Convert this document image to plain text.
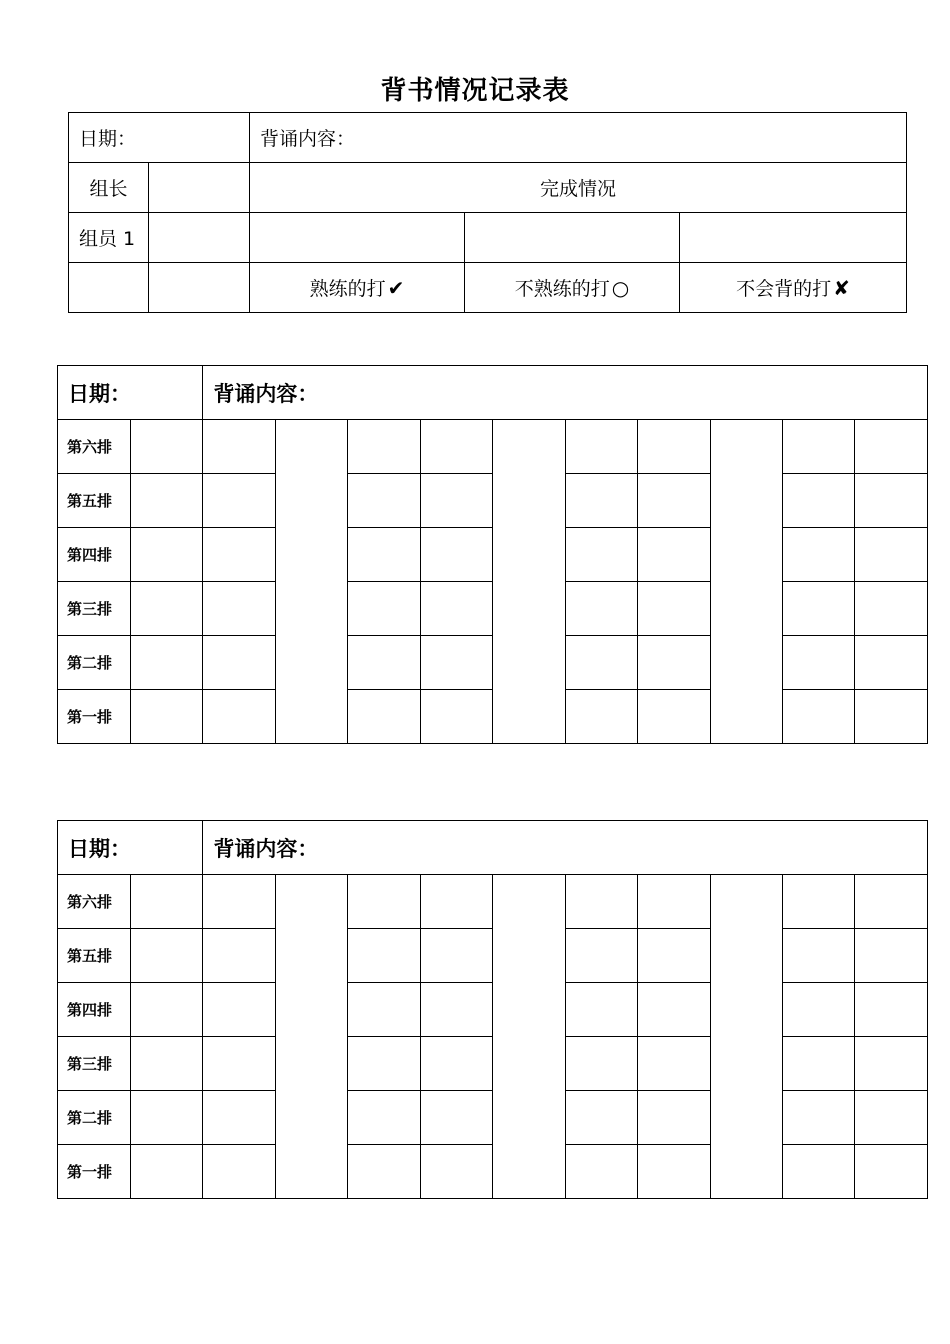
背书情况记录表
日期：		背诵内容：		
组长		完成情况		
组员 1				
		熟练的打 ✔	不熟练的打 ○	不会背的打 ✘
日期：		背诵内容：									
第六排											
第五排											
第四排											
第三排											
第二排											
第一排											
日期：		背诵内容：									
第六排											
第五排											
第四排											
第三排											
第二排											
第一排											
